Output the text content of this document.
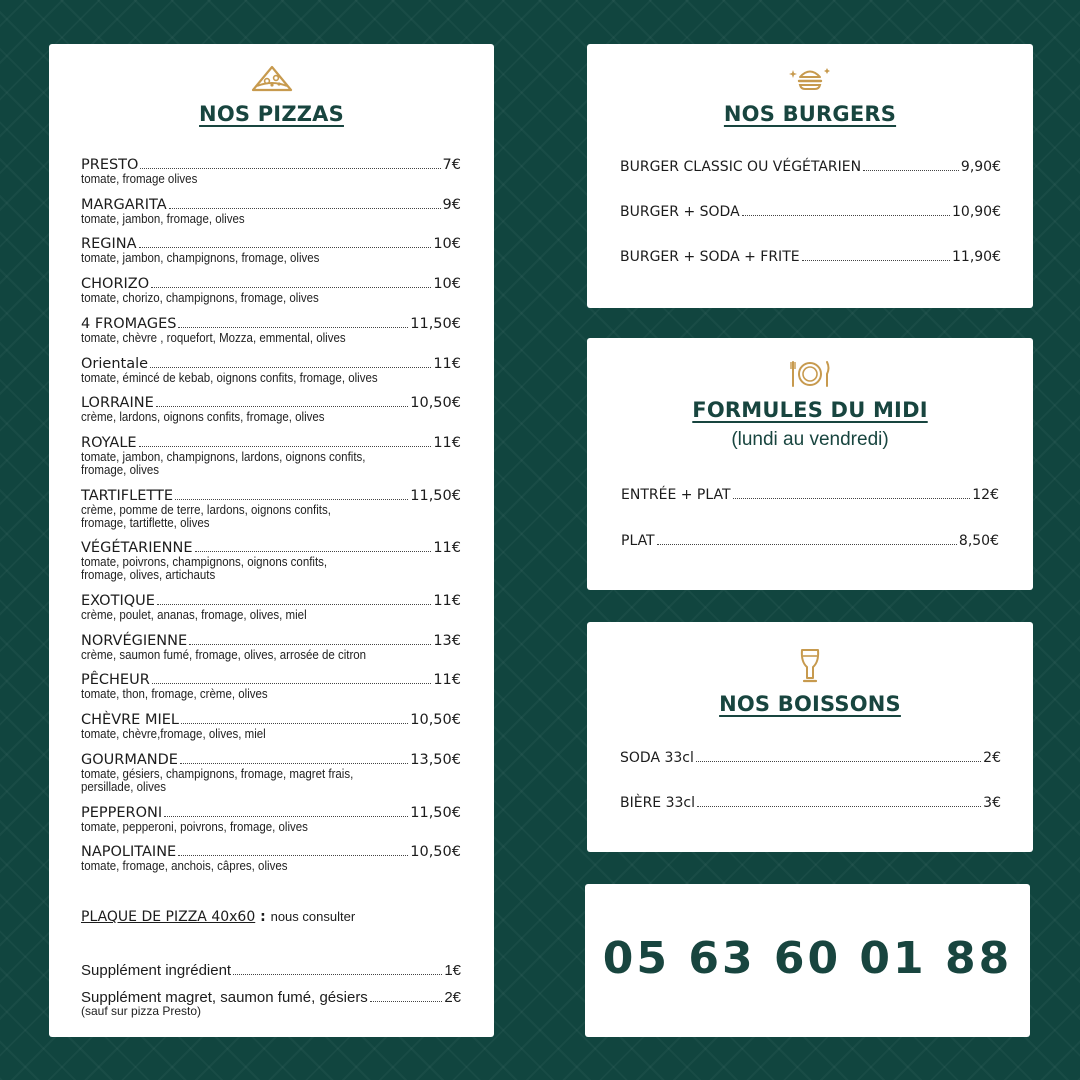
NOS PIZZAS
PRESTO	7€
tomate, fromage olives
MARGARITA	9€
tomate, jambon, fromage, olives
REGINA	10€
tomate, jambon, champignons, fromage, olives
CHORIZO	10€
tomate, chorizo, champignons, fromage, olives
4 FROMAGES	11,50€
tomate, chèvre , roquefort, Mozza, emmental, olives
Orientale	11€
tomate, émincé de kebab, oignons confits, fromage, olives
LORRAINE	10,50€
crème, lardons, oignons confits, fromage, olives
ROYALE	11€
tomate, jambon, champignons, lardons, oignons confits,
fromage, olives
TARTIFLETTE	11,50€
crème, pomme de terre, lardons, oignons confits,
fromage, tartiflette, olives
VÉGÉTARIENNE	11€
tomate, poivrons, champignons, oignons confits,
fromage, olives, artichauts
EXOTIQUE	11€
crème, poulet, ananas, fromage, olives, miel
NORVÉGIENNE	13€
crème, saumon fumé, fromage, olives, arrosée de citron
PÊCHEUR	11€
tomate, thon, fromage, crème, olives
CHÈVRE MIEL	10,50€
tomate, chèvre,fromage, olives, miel
GOURMANDE	13,50€
tomate, gésiers, champignons, fromage, magret frais,
persillade, olives
PEPPERONI	11,50€
tomate, pepperoni, poivrons, fromage, olives
NAPOLITAINE	10,50€
tomate, fromage, anchois, câpres, olives
PLAQUE DE PIZZA 40x60 : nous consulter
Supplément ingrédient	1€
Supplément magret, saumon fumé, gésiers	2€
(sauf sur pizza Presto)
NOS BURGERS
BURGER CLASSIC OU VÉGÉTARIEN	9,90€
BURGER + SODA	10,90€
BURGER + SODA + FRITE	11,90€
FORMULES DU MIDI
(lundi au vendredi)
ENTRÉE + PLAT	12€
PLAT	8,50€
NOS BOISSONS
SODA 33cl	2€
BIÈRE 33cl	3€
05 63 60 01 88
